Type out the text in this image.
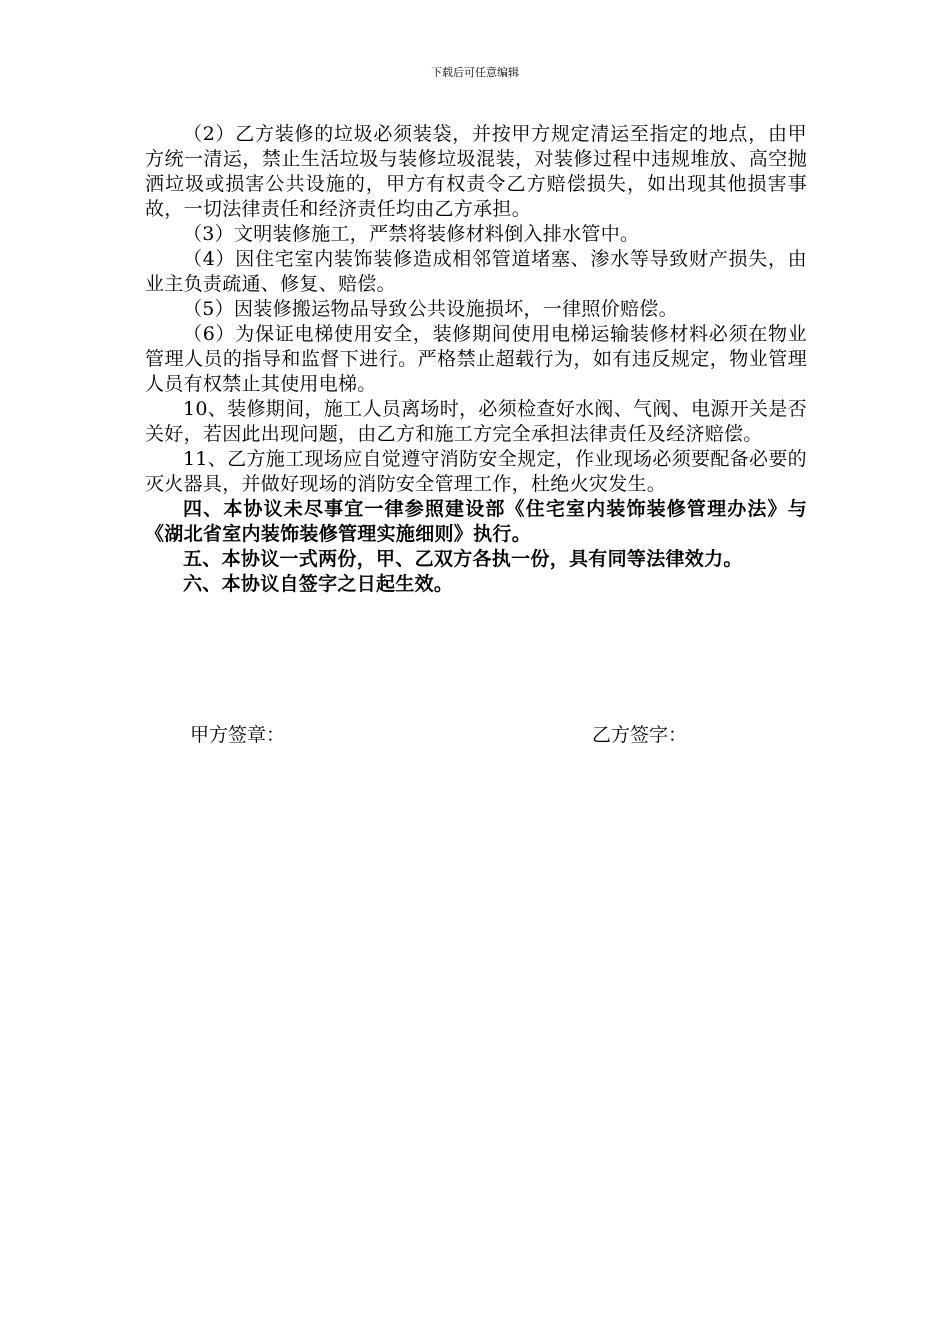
下载后可任意编辑

（2）乙方装修的垃圾必须装袋，并按甲方规定清运至指定的地点，由甲方统一清运，禁止生活垃圾与装修垃圾混装，对装修过程中违规堆放、高空抛洒垃圾或损害公共设施的，甲方有权责令乙方赔偿损失，如出现其他损害事故，一切法律责任和经济责任均由乙方承担。

（3）文明装修施工，严禁将装修材料倒入排水管中。

（4）因住宅室内装饰装修造成相邻管道堵塞、渗水等导致财产损失，由业主负责疏通、修复、赔偿。

（5）因装修搬运物品导致公共设施损坏，一律照价赔偿。

（6）为保证电梯使用安全，装修期间使用电梯运输装修材料必须在物业管理人员的指导和监督下进行。严格禁止超载行为，如有违反规定，物业管理人员有权禁止其使用电梯。

10、装修期间，施工人员离场时，必须检查好水阀、气阀、电源开关是否关好，若因此出现问题，由乙方和施工方完全承担法律责任及经济赔偿。

11、乙方施工现场应自觉遵守消防安全规定，作业现场必须要配备必要的灭火器具，并做好现场的消防安全管理工作，杜绝火灾发生。

四、本协议未尽事宜一律参照建设部《住宅室内装饰装修管理办法》与《湖北省室内装饰装修管理实施细则》执行。

五、本协议一式两份，甲、乙双方各执一份，具有同等法律效力。

六、本协议自签字之日起生效。

甲方签章：	乙方签字：
